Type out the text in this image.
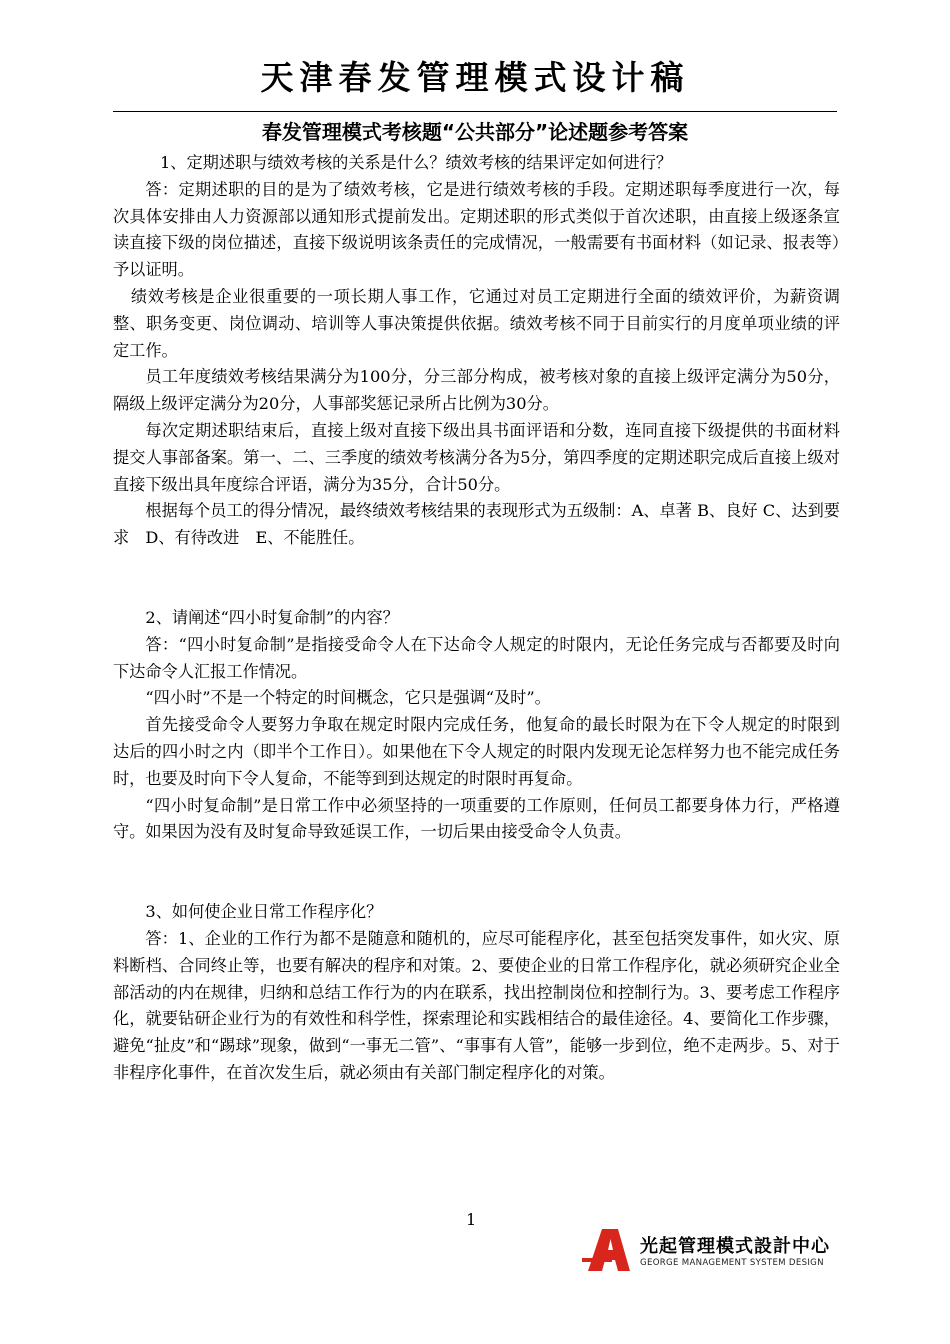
天津春发管理模式设计稿
春发管理模式考核题“公共部分”论述题参考答案

1、定期述职与绩效考核的关系是什么？绩效考核的结果评定如何进行？

答：定期述职的目的是为了绩效考核，它是进行绩效考核的手段。定期述职每季度进行一次，每次具体安排由人力资源部以通知形式提前发出。定期述职的形式类似于首次述职，由直接上级逐条宣读直接下级的岗位描述，直接下级说明该条责任的完成情况，一般需要有书面材料（如记录、报表等）予以证明。

绩效考核是企业很重要的一项长期人事工作，它通过对员工定期进行全面的绩效评价，为薪资调整、职务变更、岗位调动、培训等人事决策提供依据。绩效考核不同于目前实行的月度单项业绩的评定工作。

员工年度绩效考核结果满分为100分，分三部分构成，被考核对象的直接上级评定满分为50分，隔级上级评定满分为20分，人事部奖惩记录所占比例为30分。

每次定期述职结束后，直接上级对直接下级出具书面评语和分数，连同直接下级提供的书面材料提交人事部备案。第一、二、三季度的绩效考核满分各为5分，第四季度的定期述职完成后直接上级对直接下级出具年度综合评语，满分为35分，合计50分。

根据每个员工的得分情况，最终绩效考核结果的表现形式为五级制：A、卓著 B、良好 C、达到要求　D、有待改进　E、不能胜任。

2、请阐述“四小时复命制”的内容？

答：“四小时复命制”是指接受命令人在下达命令人规定的时限内，无论任务完成与否都要及时向下达命令人汇报工作情况。

“四小时”不是一个特定的时间概念，它只是强调“及时”。

首先接受命令人要努力争取在规定时限内完成任务，他复命的最长时限为在下令人规定的时限到达后的四小时之内（即半个工作日）。如果他在下令人规定的时限内发现无论怎样努力也不能完成任务时，也要及时向下令人复命，不能等到到达规定的时限时再复命。

“四小时复命制”是日常工作中必须坚持的一项重要的工作原则，任何员工都要身体力行，严格遵守。如果因为没有及时复命导致延误工作，一切后果由接受命令人负责。

3、如何使企业日常工作程序化？

答：1、企业的工作行为都不是随意和随机的，应尽可能程序化，甚至包括突发事件，如火灾、原料断档、合同终止等，也要有解决的程序和对策。2、要使企业的日常工作程序化，就必须研究企业全部活动的内在规律，归纳和总结工作行为的内在联系，找出控制岗位和控制行为。3、要考虑工作程序化，就要钻研企业行为的有效性和科学性，探索理论和实践相结合的最佳途径。4、要简化工作步骤，避免“扯皮”和“踢球”现象，做到“一事无二管”、“事事有人管”，能够一步到位，绝不走两步。5、对于非程序化事件，在首次发生后，就必须由有关部门制定程序化的对策。

1
光起管理模式設計中心
GEORGE MANAGEMENT SYSTEM DESIGN
